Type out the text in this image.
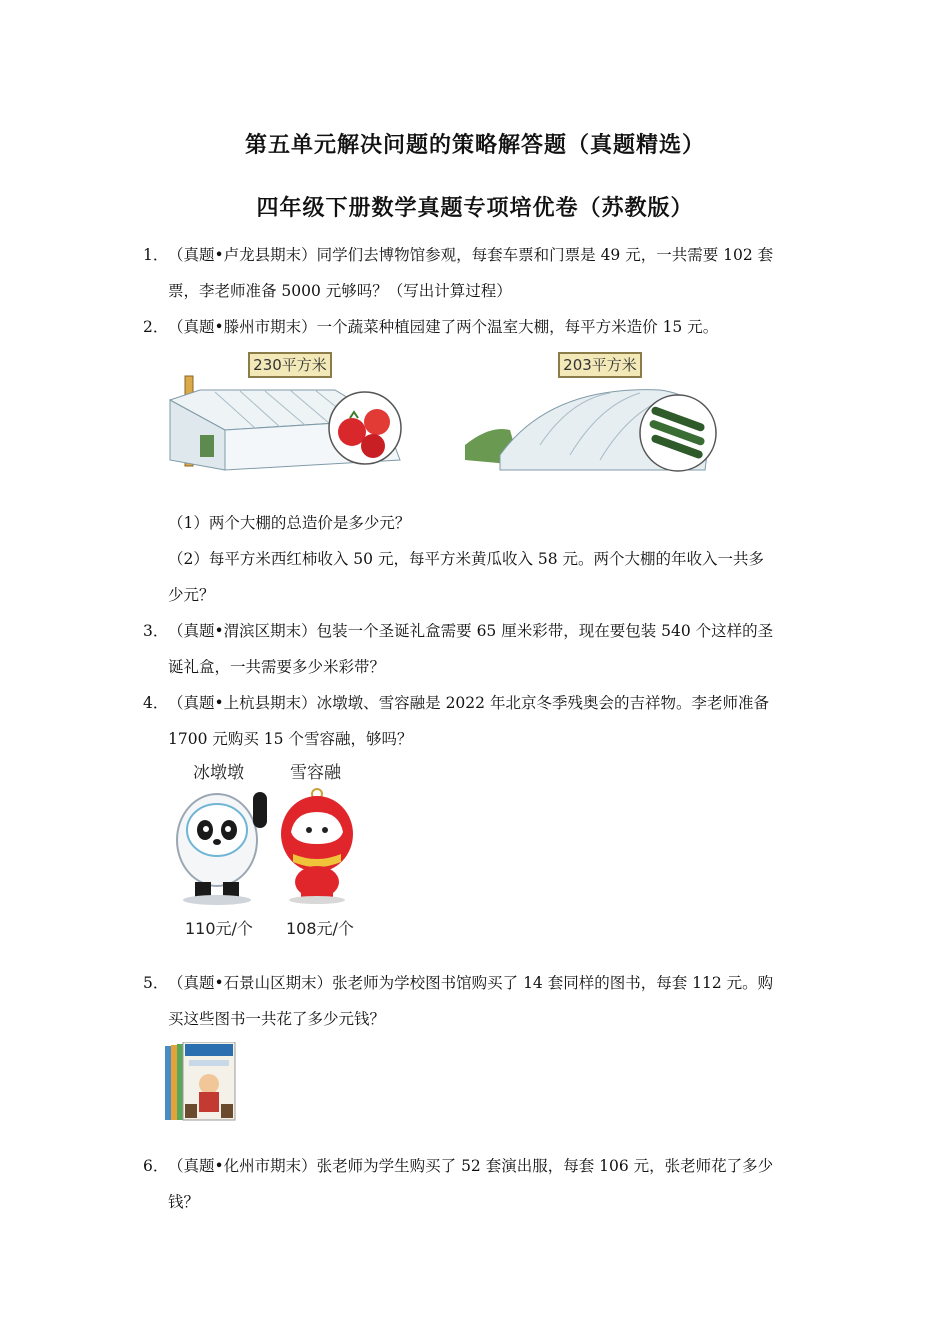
第五单元解决问题的策略解答题（真题精选）
四年级下册数学真题专项培优卷（苏教版）
1．（真题•卢龙县期末）同学们去博物馆参观，每套车票和门票是 49 元，一共需要 102 套
票，李老师准备 5000 元够吗？（写出计算过程）
2．（真题•滕州市期末）一个蔬菜种植园建了两个温室大棚，每平方米造价 15 元。
230平方米	203平方米
（1）两个大棚的总造价是多少元？
（2）每平方米西红柿收入 50 元，每平方米黄瓜收入 58 元。两个大棚的年收入一共多
少元？
3．（真题•渭滨区期末）包装一个圣诞礼盒需要 65 厘米彩带，现在要包装 540 个这样的圣
诞礼盒，一共需要多少米彩带？
4．（真题•上杭县期末）冰墩墩、雪容融是 2022 年北京冬季残奥会的吉祥物。李老师准备
1700 元购买 15 个雪容融，够吗？
冰墩墩	雪容融
110元/个 108元/个
5．（真题•石景山区期末）张老师为学校图书馆购买了 14 套同样的图书，每套 112 元。购
买这些图书一共花了多少元钱？
6．（真题•化州市期末）张老师为学生购买了 52 套演出服，每套 106 元，张老师花了多少
钱？
